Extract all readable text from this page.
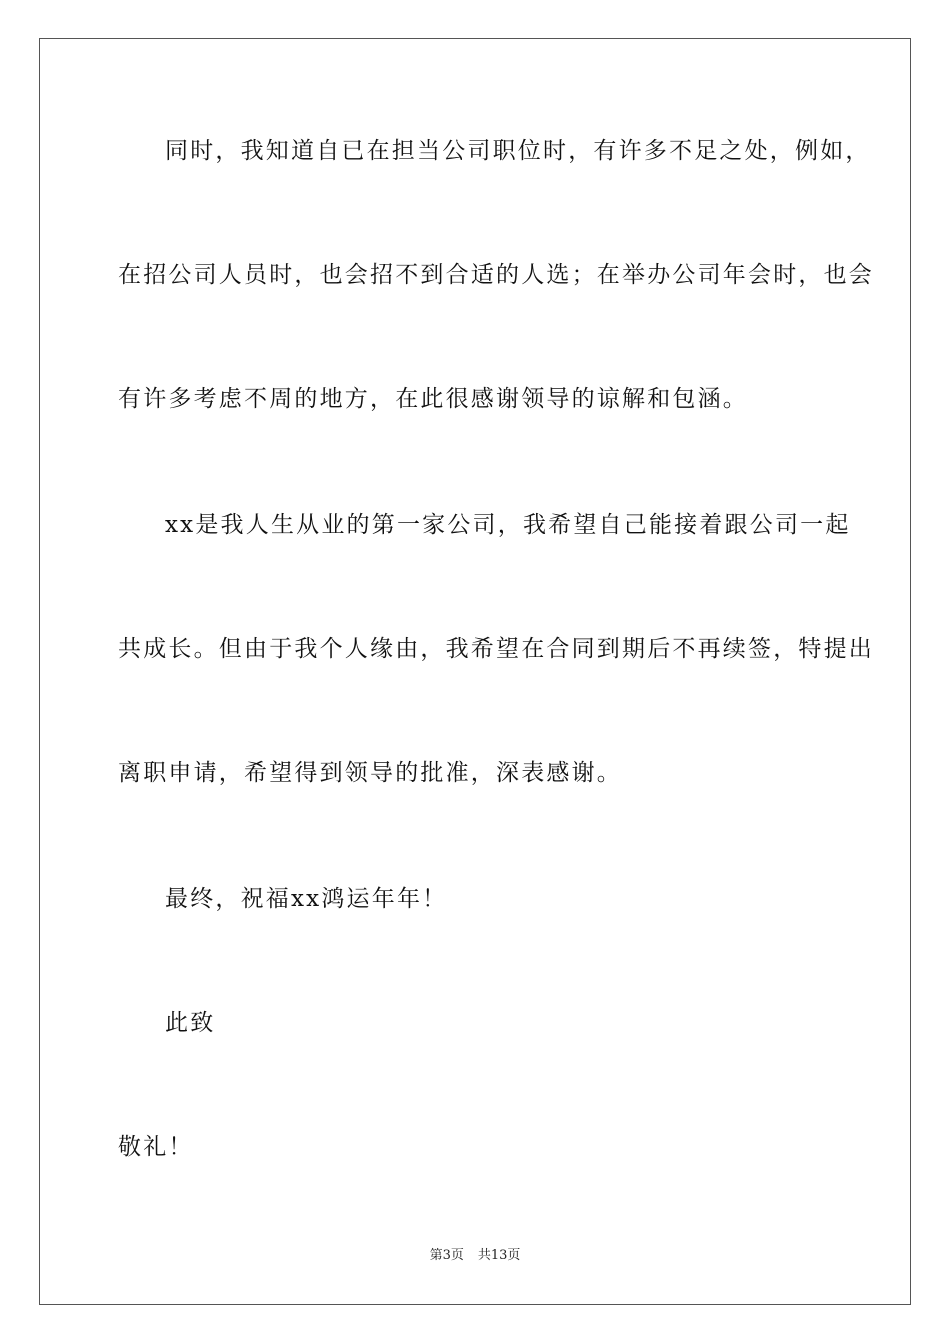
同时，我知道自已在担当公司职位时，有许多不足之处，例如，
在招公司人员时，也会招不到合适的人选；在举办公司年会时，也会
有许多考虑不周的地方，在此很感谢领导的谅解和包涵。
xx是我人生从业的第一家公司，我希望自己能接着跟公司一起
共成长。但由于我个人缘由，我希望在合同到期后不再续签，特提出
离职申请，希望得到领导的批准，深表感谢。
最终，祝福xx鸿运年年！
此致
敬礼！
第3页 共13页
